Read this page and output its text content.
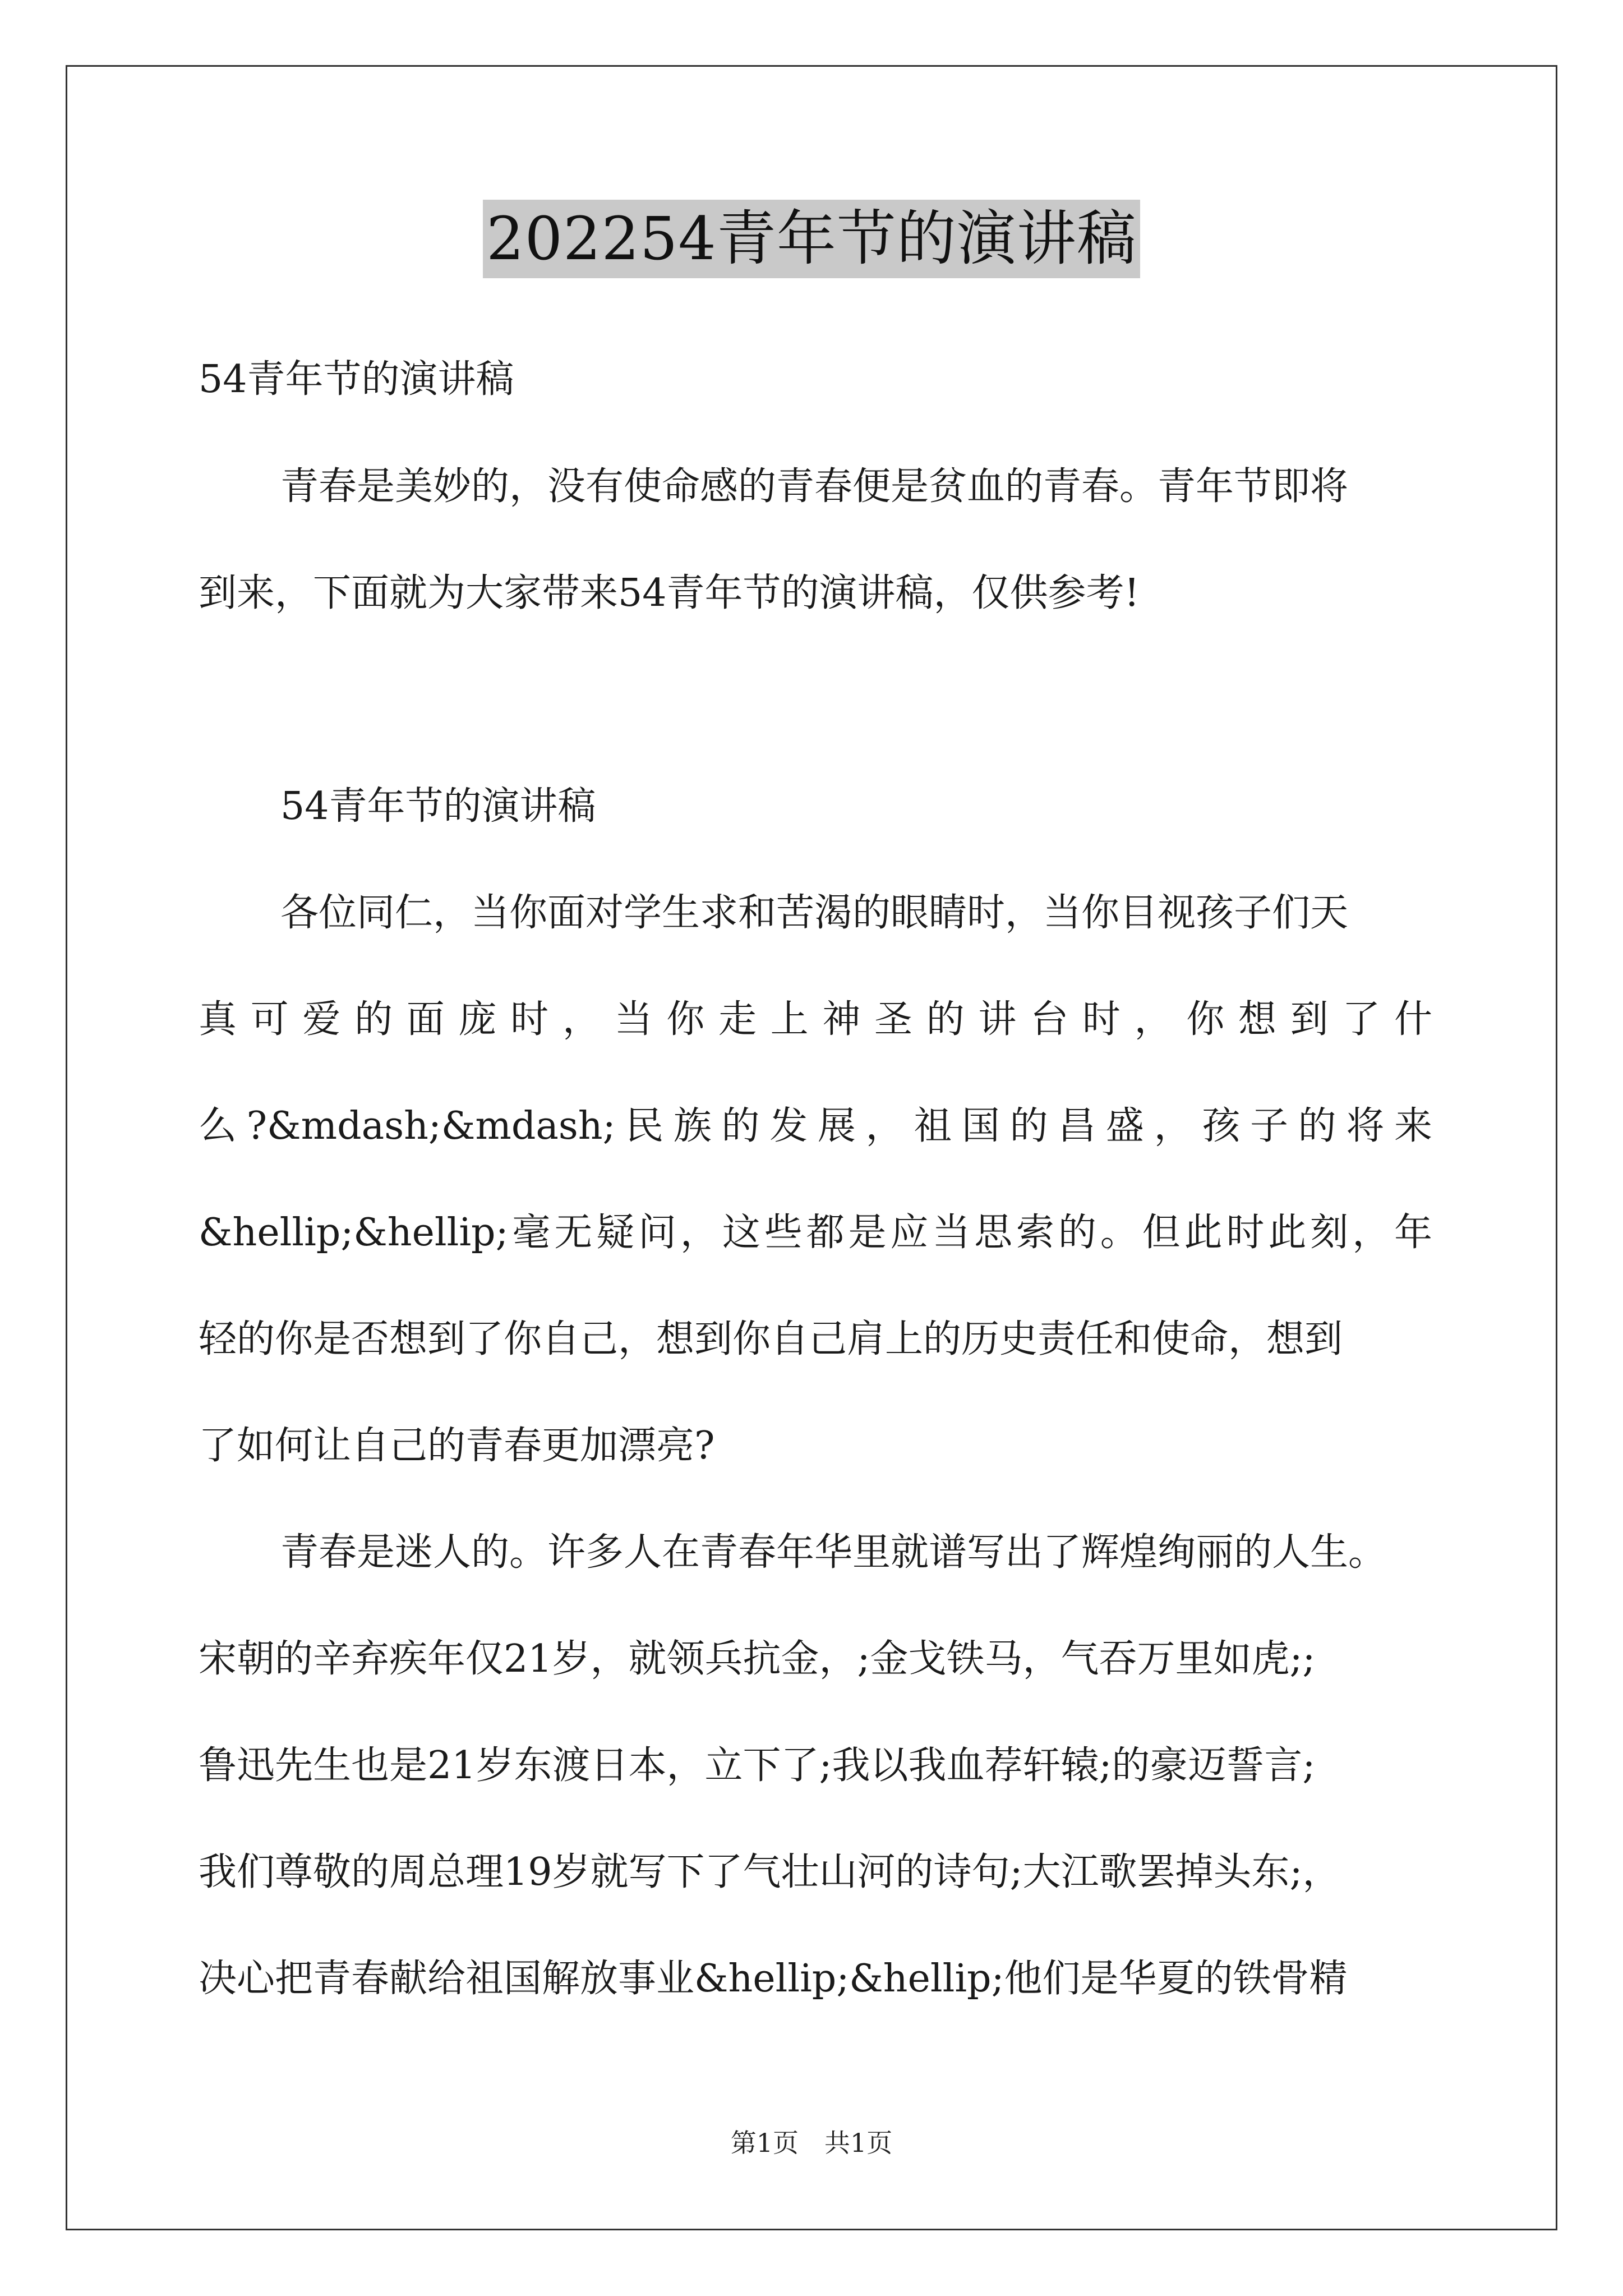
202254青年节的演讲稿
54青年节的演讲稿
青春是美妙的，没有使命感的青春便是贫血的青春。青年节即将
到来，下面就为大家带来54青年节的演讲稿，仅供参考!
54青年节的演讲稿
各位同仁，当你面对学生求和苦渴的眼睛时，当你目视孩子们天
真可爱的面庞时，当你走上神圣的讲台时，你想到了什
么?&mdash;&mdash;民族的发展，祖国的昌盛，孩子的将来
&hellip;&hellip;毫无疑问，这些都是应当思索的。但此时此刻，年
轻的你是否想到了你自己，想到你自己肩上的历史责任和使命，想到
了如何让自己的青春更加漂亮?
青春是迷人的。许多人在青春年华里就谱写出了辉煌绚丽的人生。
宋朝的辛弃疾年仅21岁，就领兵抗金，;金戈铁马，气吞万里如虎;;
鲁迅先生也是21岁东渡日本，立下了;我以我血荐轩辕;的豪迈誓言;
我们尊敬的周总理19岁就写下了气壮山河的诗句;大江歌罢掉头东;，
决心把青春献给祖国解放事业&hellip;&hellip;他们是华夏的铁骨精
第1页　共1页
